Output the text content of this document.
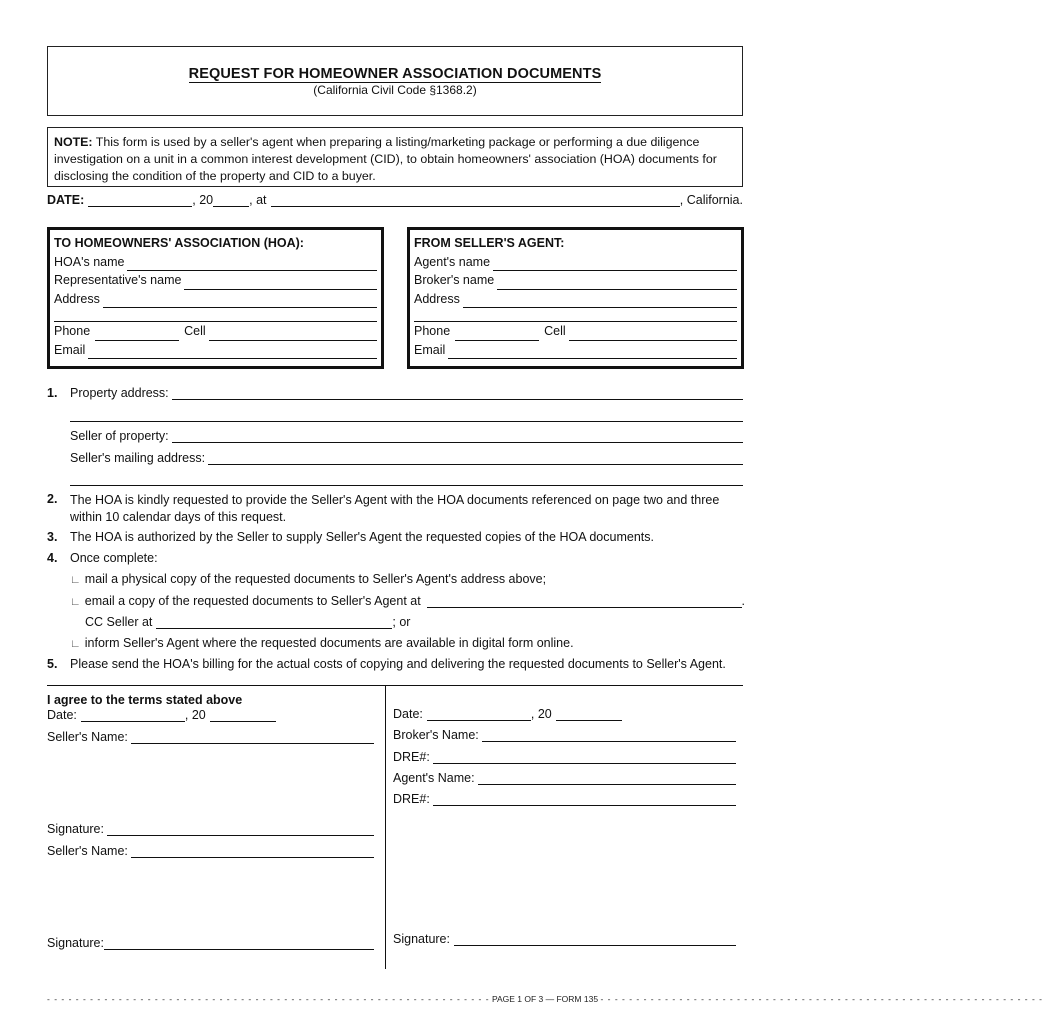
REQUEST FOR HOMEOWNER ASSOCIATION DOCUMENTS
(California Civil Code §1368.2)
NOTE: This form is used by a seller's agent when preparing a listing/marketing package or performing a due diligence investigation on a unit in a common interest development (CID), to obtain homeowners' association (HOA) documents for disclosing the condition of the property and CID to a buyer.
DATE:	, 20	, at	, California.
TO HOMEOWNERS' ASSOCIATION (HOA):
HOA's name
Representative's name
Address
Phone	Cell
Email
FROM SELLER'S AGENT:
Agent's name
Broker's name
Address
Phone	Cell
Email
1. Property address:
Seller of property:
Seller's mailing address:
2. The HOA is kindly requested to provide the Seller's Agent with the HOA documents referenced on page two and three within 10 calendar days of this request.
3. The HOA is authorized by the Seller to supply Seller's Agent the requested copies of the HOA documents.
4. Once complete:
∟ mail a physical copy of the requested documents to Seller's Agent's address above;
∟ email a copy of the requested documents to Seller's Agent at	.
CC Seller at	; or
∟ inform Seller's Agent where the requested documents are available in digital form online.
5. Please send the HOA's billing for the actual costs of copying and delivering the requested documents to Seller's Agent.
I agree to the terms stated above
Date:	, 20
Seller's Name:
Signature:
Seller's Name:
Signature:
Date:	, 20
Broker's Name:
DRE#:
Agent's Name:
DRE#:
Signature:
- - - - - - - - - - - - - - - - - - - - - - - - - - - - - - - - - - - - - - - - - - - - - - - - - - - - - - - - - - - - - - PAGE 1 OF 3 — FORM 135 - - - - - - - - - - - - - - - - - - - - - - - - - - - - - - - - - - - - - - - - - - - - - - - - - - - - - - - - - - - - - -
